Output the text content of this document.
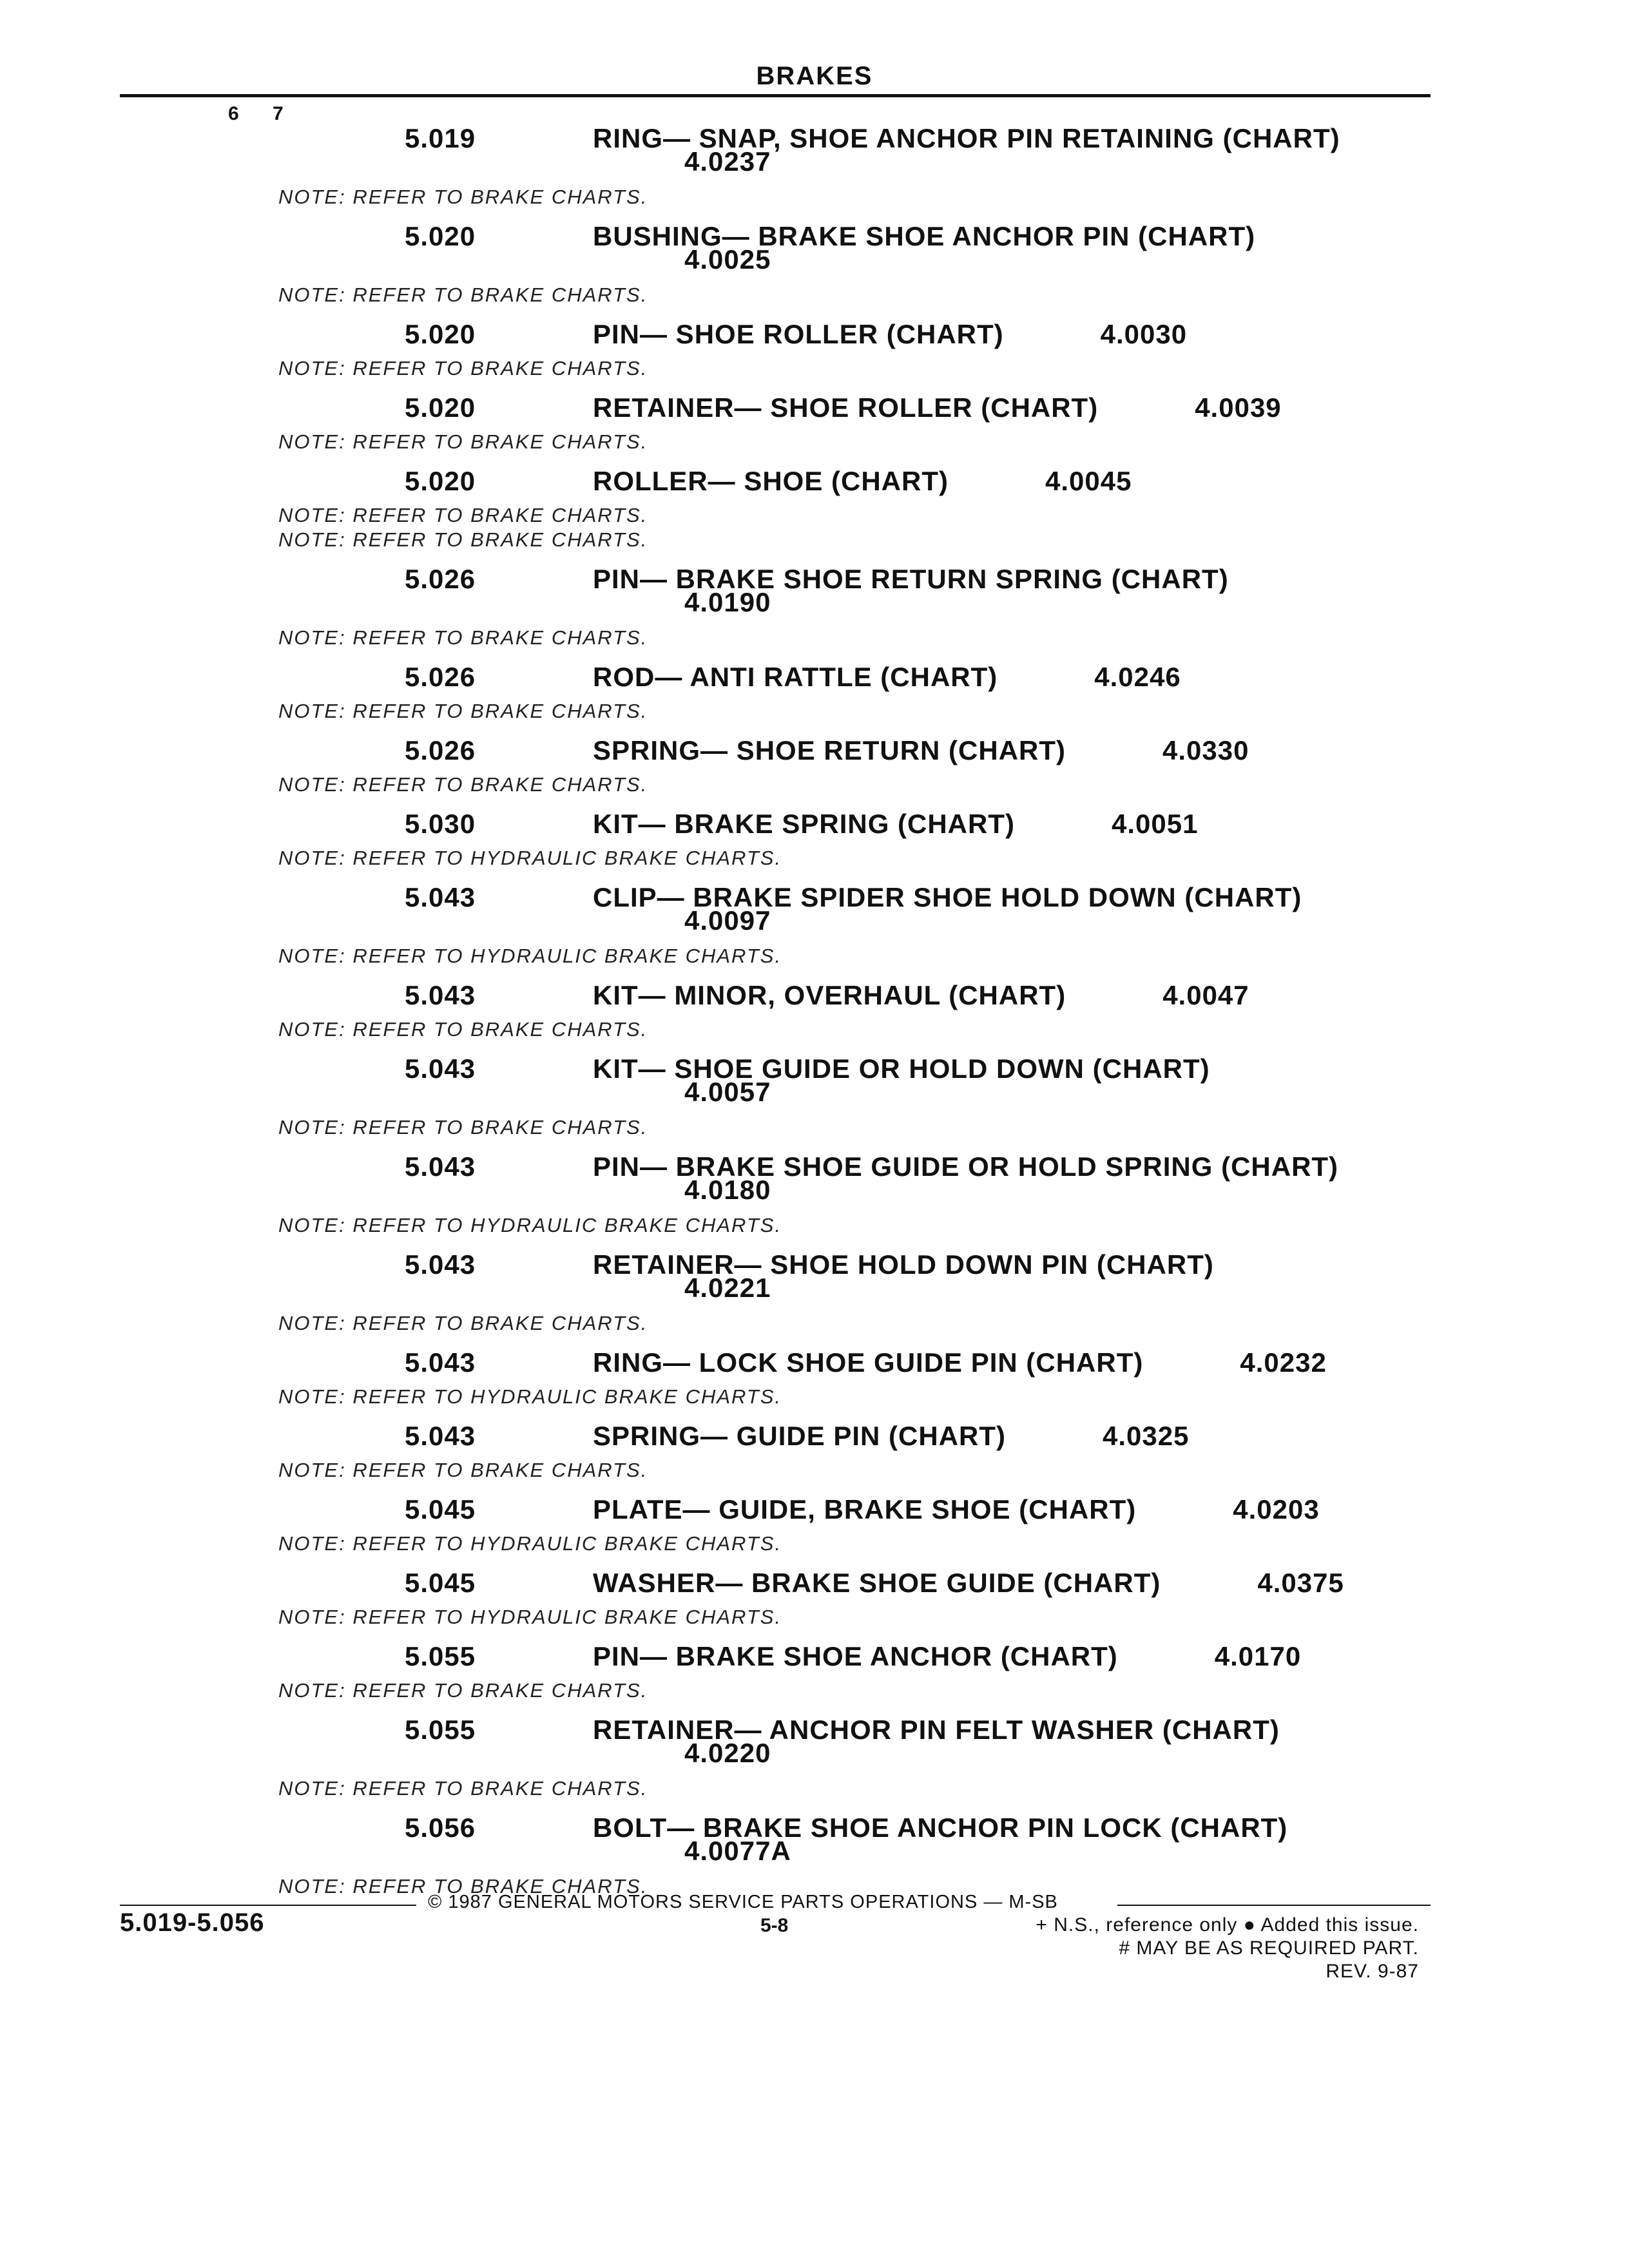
BRAKES
6 7
5.019	RING— SNAP, SHOE ANCHOR PIN RETAINING (CHART)
4.0237
NOTE: REFER TO BRAKE CHARTS.
5.020	BUSHING— BRAKE SHOE ANCHOR PIN (CHART)
4.0025
NOTE: REFER TO BRAKE CHARTS.
5.020	PIN— SHOE ROLLER (CHART)	4.0030
NOTE: REFER TO BRAKE CHARTS.
5.020	RETAINER— SHOE ROLLER (CHART)	4.0039
NOTE: REFER TO BRAKE CHARTS.
5.020	ROLLER— SHOE (CHART)	4.0045
NOTE: REFER TO BRAKE CHARTS.
NOTE: REFER TO BRAKE CHARTS.
5.026	PIN— BRAKE SHOE RETURN SPRING (CHART)
4.0190
NOTE: REFER TO BRAKE CHARTS.
5.026	ROD— ANTI RATTLE (CHART)	4.0246
NOTE: REFER TO BRAKE CHARTS.
5.026	SPRING— SHOE RETURN (CHART)	4.0330
NOTE: REFER TO BRAKE CHARTS.
5.030	KIT— BRAKE SPRING (CHART)	4.0051
NOTE: REFER TO HYDRAULIC BRAKE CHARTS.
5.043	CLIP— BRAKE SPIDER SHOE HOLD DOWN (CHART)
4.0097
NOTE: REFER TO HYDRAULIC BRAKE CHARTS.
5.043	KIT— MINOR, OVERHAUL (CHART)	4.0047
NOTE: REFER TO BRAKE CHARTS.
5.043	KIT— SHOE GUIDE OR HOLD DOWN (CHART)
4.0057
NOTE: REFER TO BRAKE CHARTS.
5.043	PIN— BRAKE SHOE GUIDE OR HOLD SPRING (CHART)
4.0180
NOTE: REFER TO HYDRAULIC BRAKE CHARTS.
5.043	RETAINER— SHOE HOLD DOWN PIN (CHART)
4.0221
NOTE: REFER TO BRAKE CHARTS.
5.043	RING— LOCK SHOE GUIDE PIN (CHART)	4.0232
NOTE: REFER TO HYDRAULIC BRAKE CHARTS.
5.043	SPRING— GUIDE PIN (CHART)	4.0325
NOTE: REFER TO BRAKE CHARTS.
5.045	PLATE— GUIDE, BRAKE SHOE (CHART)	4.0203
NOTE: REFER TO HYDRAULIC BRAKE CHARTS.
5.045	WASHER— BRAKE SHOE GUIDE (CHART)	4.0375
NOTE: REFER TO HYDRAULIC BRAKE CHARTS.
5.055	PIN— BRAKE SHOE ANCHOR (CHART)	4.0170
NOTE: REFER TO BRAKE CHARTS.
5.055	RETAINER— ANCHOR PIN FELT WASHER (CHART)
4.0220
NOTE: REFER TO BRAKE CHARTS.
5.056	BOLT— BRAKE SHOE ANCHOR PIN LOCK (CHART)
4.0077A
NOTE: REFER TO BRAKE CHARTS.
© 1987 GENERAL MOTORS SERVICE PARTS OPERATIONS — M-SB
5.019-5.056	5-8	+ N.S., reference only ● Added this issue.
# MAY BE AS REQUIRED PART.
REV. 9-87
